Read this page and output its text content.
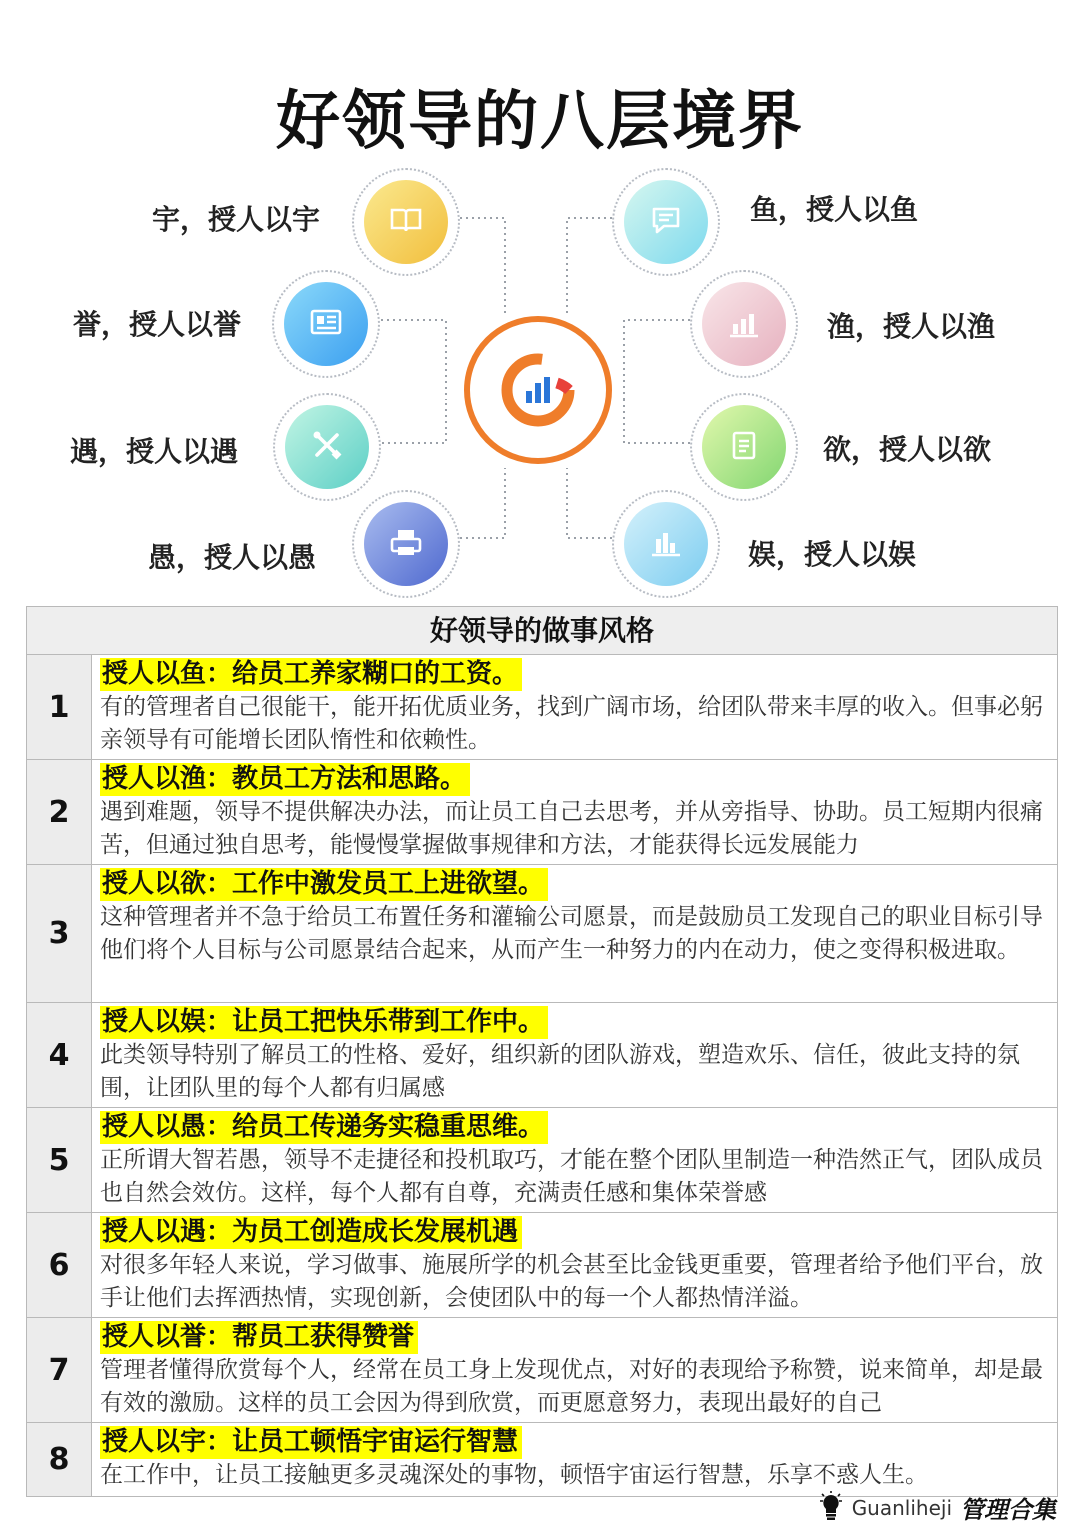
好领导的八层境界
宇，授人以宇
誉，授人以誉
遇，授人以遇
愚，授人以愚
鱼，授人以鱼
渔，授人以渔
欲，授人以欲
娱，授人以娱
好领导的做事风格
1
授人以鱼：给员工养家糊口的工资。
有的管理者自己很能干，能开拓优质业务，找到广阔市场，给团队带来丰厚的收入。但事必躬亲领导有可能增长团队惰性和依赖性。
2
授人以渔：教员工方法和思路。
遇到难题，领导不提供解决办法，而让员工自己去思考，并从旁指导、协助。员工短期内很痛苦，但通过独自思考，能慢慢掌握做事规律和方法，才能获得长远发展能力
3
授人以欲：工作中激发员工上进欲望。
这种管理者并不急于给员工布置任务和灌输公司愿景，而是鼓励员工发现自己的职业目标引导他们将个人目标与公司愿景结合起来，从而产生一种努力的内在动力，使之变得积极进取。
4
授人以娱：让员工把快乐带到工作中。
此类领导特别了解员工的性格、爱好，组织新的团队游戏，塑造欢乐、信任，彼此支持的氛围，让团队里的每个人都有归属感
5
授人以愚：给员工传递务实稳重思维。
正所谓大智若愚，领导不走捷径和投机取巧，才能在整个团队里制造一种浩然正气，团队成员也自然会效仿。这样，每个人都有自尊，充满责任感和集体荣誉感
6
授人以遇：为员工创造成长发展机遇
对很多年轻人来说，学习做事、施展所学的机会甚至比金钱更重要，管理者给予他们平台，放手让他们去挥洒热情，实现创新，会使团队中的每一个人都热情洋溢。
7
授人以誉：帮员工获得赞誉
管理者懂得欣赏每个人，经常在员工身上发现优点，对好的表现给予称赞，说来简单，却是最有效的激励。这样的员工会因为得到欣赏，而更愿意努力，表现出最好的自己
8	授人以宇：让员工顿悟宇宙运行智慧
在工作中，让员工接触更多灵魂深处的事物，顿悟宇宙运行智慧，乐享不惑人生。
Guanliheji 管理合集
